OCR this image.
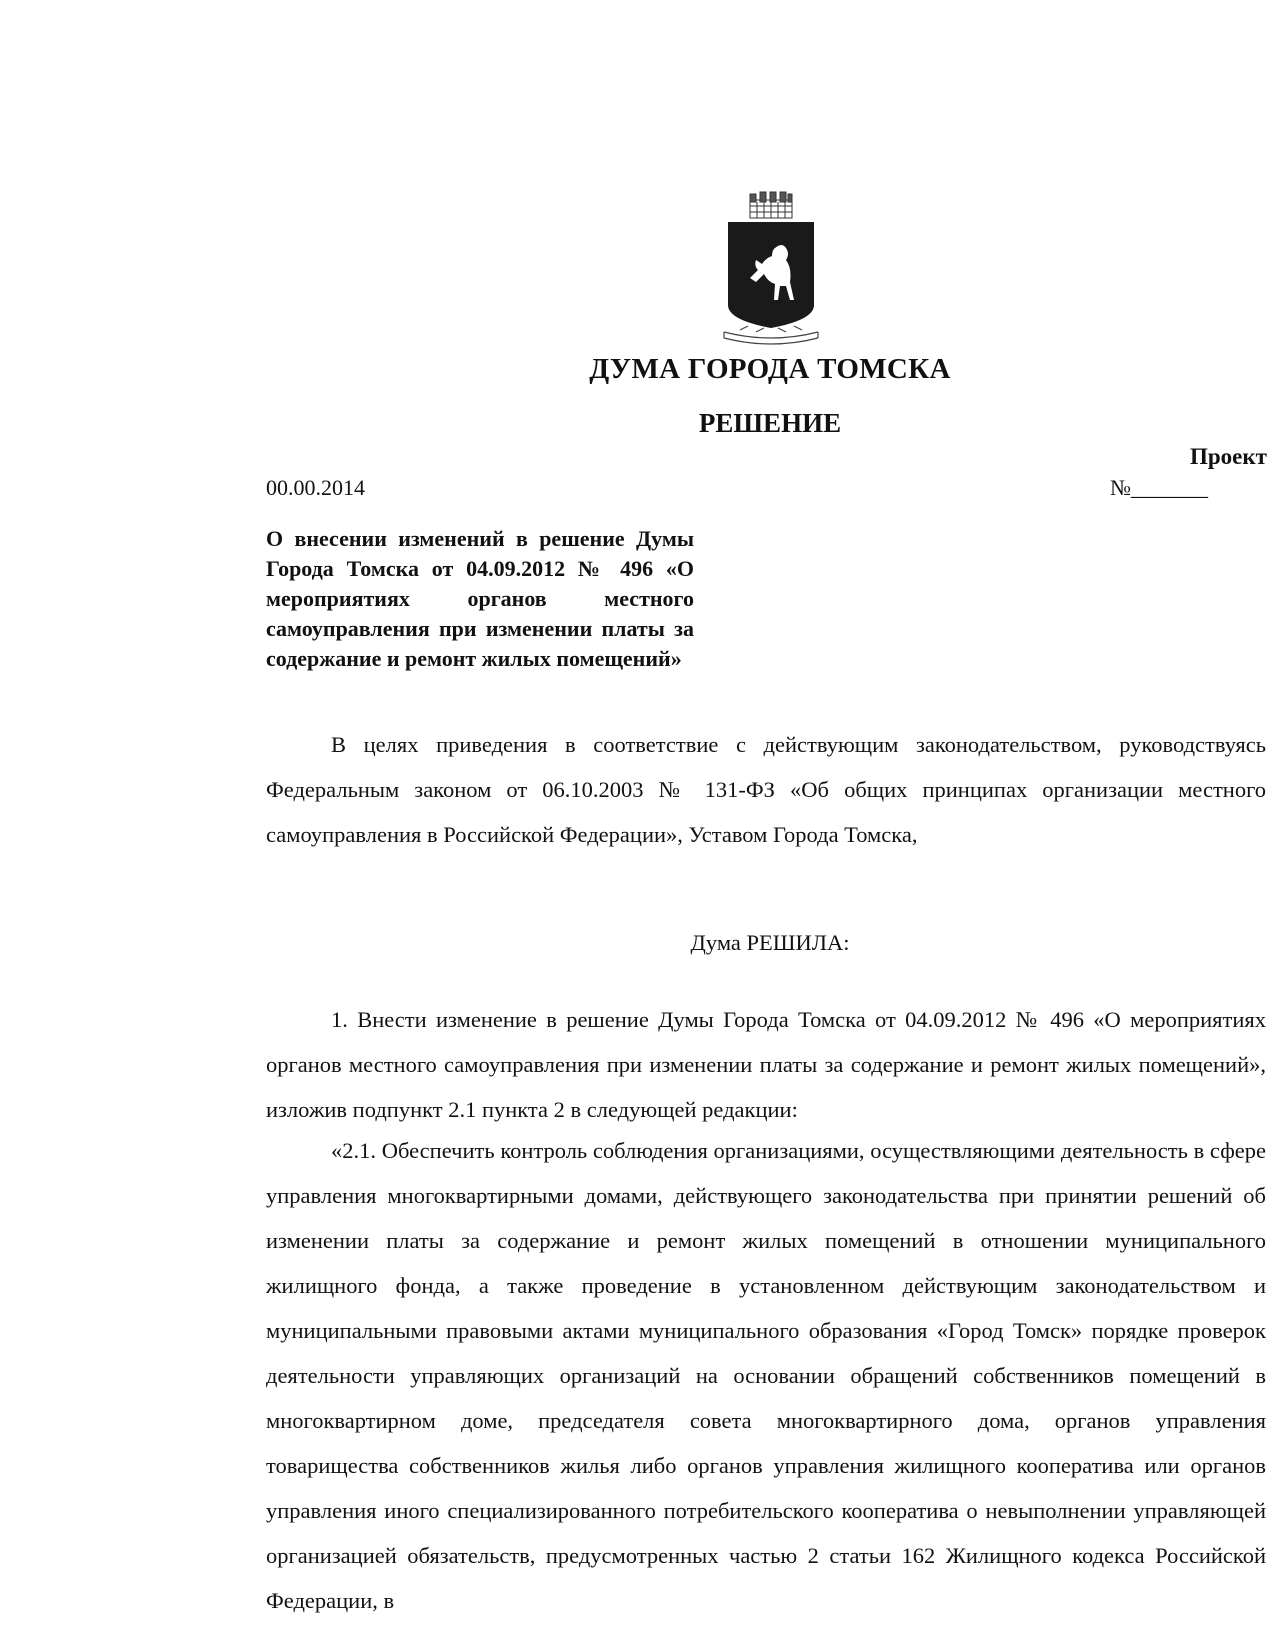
ДУМА ГОРОДА ТОМСКА
РЕШЕНИЕ
Проект
00.00.2014	№_______
О внесении изменений в решение Думы Города Томска от 04.09.2012 № 496 «О мероприятиях органов местного самоуправления при изменении платы за содержание и ремонт жилых помещений»
В целях приведения в соответствие с действующим законодательством, руководствуясь Федеральным законом от 06.10.2003 № 131-ФЗ «Об общих принципах организации местного самоуправления в Российской Федерации», Уставом Города Томска,
Дума РЕШИЛА:
1. Внести изменение в решение Думы Города Томска от 04.09.2012 № 496 «О мероприятиях органов местного самоуправления при изменении платы за содержание и ремонт жилых помещений», изложив подпункт 2.1 пункта 2 в следующей редакции:
«2.1. Обеспечить контроль соблюдения организациями, осуществляющими деятельность в сфере управления многоквартирными домами, действующего законодательства при принятии решений об изменении платы за содержание и ремонт жилых помещений в отношении муниципального жилищного фонда, а также проведение в установленном действующим законодательством и муниципальными правовыми актами муниципального образования «Город Томск» порядке проверок деятельности управляющих организаций на основании обращений собственников помещений в многоквартирном доме, председателя совета многоквартирного дома, органов управления товарищества собственников жилья либо органов управления жилищного кооператива или органов управления иного специализированного потребительского кооператива о невыполнении управляющей организацией обязательств, предусмотренных частью 2 статьи 162 Жилищного кодекса Российской Федерации, в
